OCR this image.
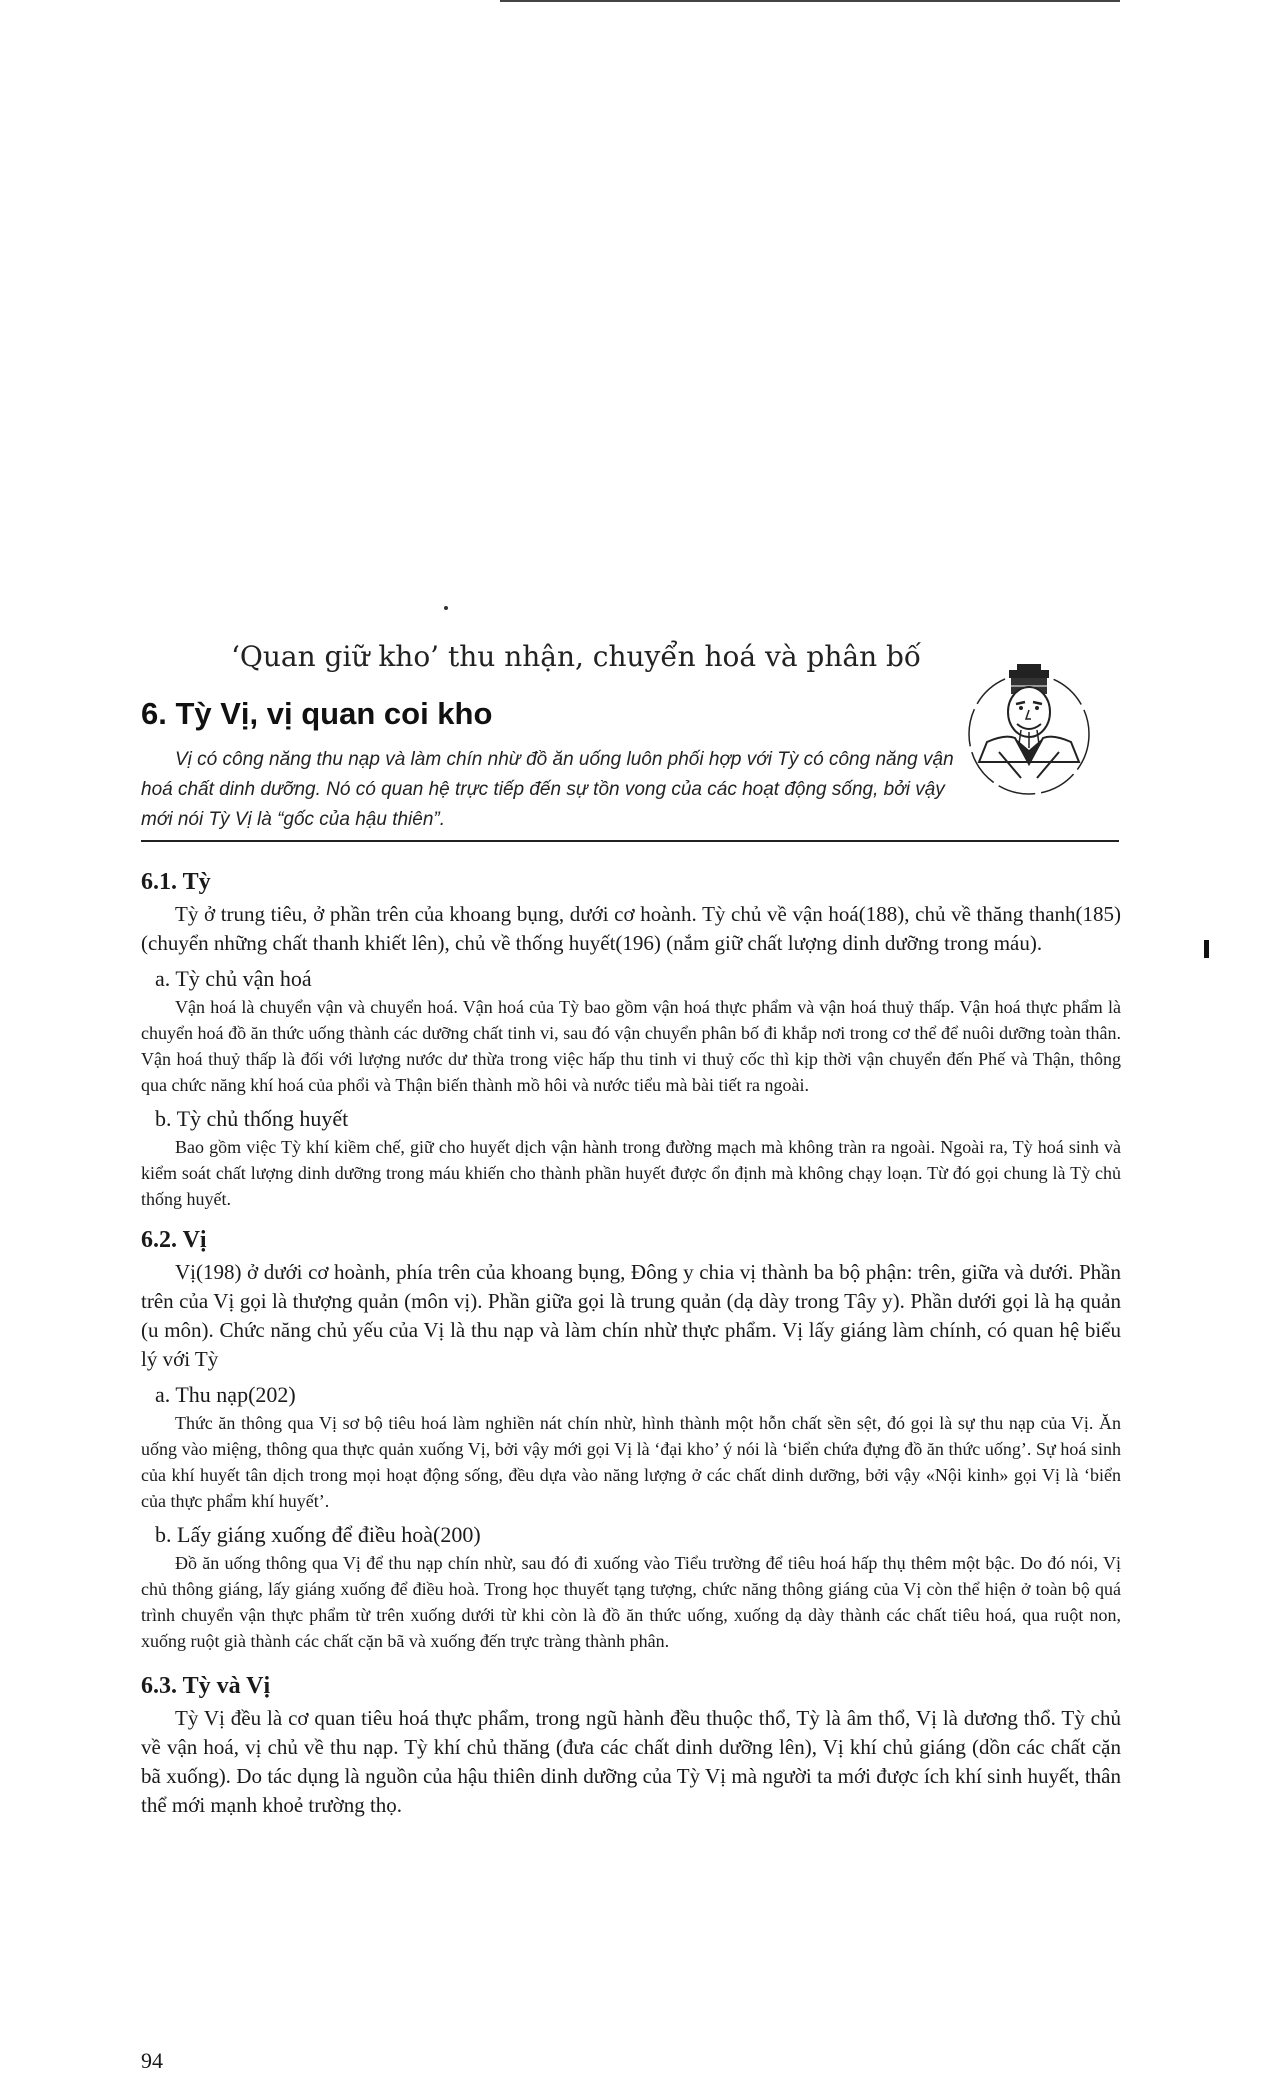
‘Quan giữ kho’ thu nhận, chuyển hoá và phân bố
6. Tỳ Vị, vị quan coi kho

Vị có công năng thu nạp và làm chín nhừ đồ ăn uống luôn phối hợp với Tỳ có công năng vận hoá chất dinh dưỡng. Nó có quan hệ trực tiếp đến sự tồn vong của các hoạt động sống, bởi vậy mới nói Tỳ Vị là “gốc của hậu thiên”.

6.1. Tỳ

Tỳ ở trung tiêu, ở phần trên của khoang bụng, dưới cơ hoành. Tỳ chủ về vận hoá(188), chủ về thăng thanh(185) (chuyển những chất thanh khiết lên), chủ về thống huyết(196) (nắm giữ chất lượng dinh dưỡng trong máu).

a. Tỳ chủ vận hoá

Vận hoá là chuyển vận và chuyển hoá. Vận hoá của Tỳ bao gồm vận hoá thực phẩm và vận hoá thuỷ thấp. Vận hoá thực phẩm là chuyển hoá đồ ăn thức uống thành các dưỡng chất tinh vi, sau đó vận chuyển phân bố đi khắp nơi trong cơ thể để nuôi dưỡng toàn thân. Vận hoá thuỷ thấp là đối với lượng nước dư thừa trong việc hấp thu tinh vi thuỷ cốc thì kịp thời vận chuyển đến Phế và Thận, thông qua chức năng khí hoá của phổi và Thận biến thành mồ hôi và nước tiểu mà bài tiết ra ngoài.

b. Tỳ chủ thống huyết

Bao gồm việc Tỳ khí kiềm chế, giữ cho huyết dịch vận hành trong đường mạch mà không tràn ra ngoài. Ngoài ra, Tỳ hoá sinh và kiểm soát chất lượng dinh dưỡng trong máu khiến cho thành phần huyết được ổn định mà không chạy loạn. Từ đó gọi chung là Tỳ chủ thống huyết.

6.2. Vị

Vị(198) ở dưới cơ hoành, phía trên của khoang bụng, Đông y chia vị thành ba bộ phận: trên, giữa và dưới. Phần trên của Vị gọi là thượng quản (môn vị). Phần giữa gọi là trung quản (dạ dày trong Tây y). Phần dưới gọi là hạ quản (u môn). Chức năng chủ yếu của Vị là thu nạp và làm chín nhừ thực phẩm. Vị lấy giáng làm chính, có quan hệ biểu lý với Tỳ

a. Thu nạp(202)

Thức ăn thông qua Vị sơ bộ tiêu hoá làm nghiền nát chín nhừ, hình thành một hỗn chất sền sệt, đó gọi là sự thu nạp của Vị. Ăn uống vào miệng, thông qua thực quản xuống Vị, bởi vậy mới gọi Vị là ‘đại kho’ ý nói là ‘biển chứa đựng đồ ăn thức uống’. Sự hoá sinh của khí huyết tân dịch trong mọi hoạt động sống, đều dựa vào năng lượng ở các chất dinh dưỡng, bởi vậy «Nội kinh» gọi Vị là ‘biển của thực phẩm khí huyết’.

b. Lấy giáng xuống để điều hoà(200)

Đồ ăn uống thông qua Vị để thu nạp chín nhừ, sau đó đi xuống vào Tiểu trường để tiêu hoá hấp thụ thêm một bậc. Do đó nói, Vị chủ thông giáng, lấy giáng xuống để điều hoà. Trong học thuyết tạng tượng, chức năng thông giáng của Vị còn thể hiện ở toàn bộ quá trình chuyển vận thực phẩm từ trên xuống dưới từ khi còn là đồ ăn thức uống, xuống dạ dày thành các chất tiêu hoá, qua ruột non, xuống ruột già thành các chất cặn bã và xuống đến trực tràng thành phân.

6.3. Tỳ và Vị

Tỳ Vị đều là cơ quan tiêu hoá thực phẩm, trong ngũ hành đều thuộc thổ, Tỳ là âm thổ, Vị là dương thổ. Tỳ chủ về vận hoá, vị chủ về thu nạp. Tỳ khí chủ thăng (đưa các chất dinh dưỡng lên), Vị khí chủ giáng (dồn các chất cặn bã xuống). Do tác dụng là nguồn của hậu thiên dinh dưỡng của Tỳ Vị mà người ta mới được ích khí sinh huyết, thân thể mới mạnh khoẻ trường thọ.

94
